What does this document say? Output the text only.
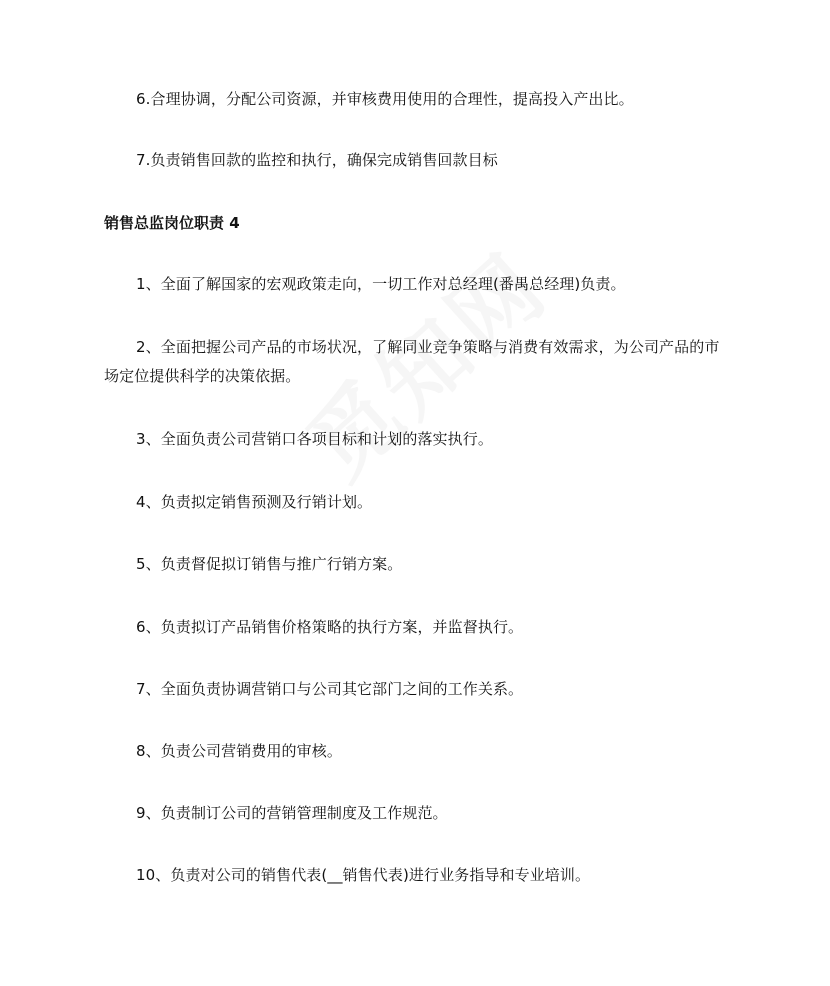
6.合理协调，分配公司资源，并审核费用使用的合理性，提高投入产出比。
7.负责销售回款的监控和执行，确保完成销售回款目标
销售总监岗位职责 4
1、全面了解国家的宏观政策走向，一切工作对总经理(番禺总经理)负责。
2、全面把握公司产品的市场状况，了解同业竞争策略与消费有效需求，为公司产品的市场定位提供科学的决策依据。
3、全面负责公司营销口各项目标和计划的落实执行。
4、负责拟定销售预测及行销计划。
5、负责督促拟订销售与推广行销方案。
6、负责拟订产品销售价格策略的执行方案，并监督执行。
7、全面负责协调营销口与公司其它部门之间的工作关系。
8、负责公司营销费用的审核。
9、负责制订公司的营销管理制度及工作规范。
10、负责对公司的销售代表(__销售代表)进行业务指导和专业培训。
